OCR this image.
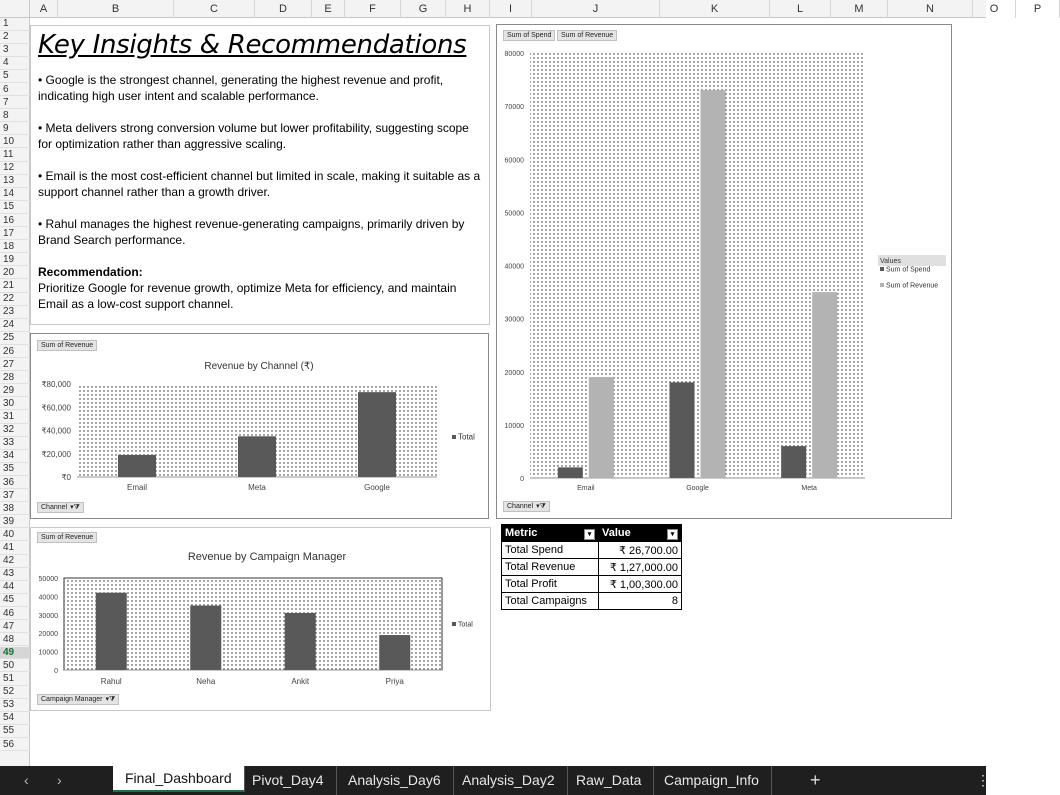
A	B	C	D	E	F	G	H	I	J	K	L	M	N	O	P
1
2
3
4
5
6
7
8
9
10
11
12
13
14
15
16
17
18
19
20
21
22
23
24
25
26
27
28
29
30
31
32
33
34
35
36
37
38
39
40
41
42
43
44
45
46
47
48
49
50
51
52
53
54
55
56
Key Insights & Recommendations

• Google is the strongest channel, generating the highest revenue and profit, indicating high user intent and scalable performance.

• Meta delivers strong conversion volume but lower profitability, suggesting scope for optimization rather than aggressive scaling.

• Email is the most cost-efficient channel but limited in scale, making it suitable as a support channel rather than a growth driver.

• Rahul manages the highest revenue-generating campaigns, primarily driven by Brand Search performance.

Recommendation:

Prioritize Google for revenue growth, optimize Meta for efficiency, and maintain Email as a low-cost support channel.

Sum of Revenue
Revenue by Channel (₹)
₹0
₹20,000
₹40,000
₹60,000
₹80,000
Email	Meta	Google
Total
Channel ▾⧩
Sum of Revenue
Revenue by Campaign Manager
0
10000
20000
30000
40000
50000
Rahul	Neha	Ankit	Priya
Total
Campaign Manager ▾⧩
Sum of Spend	Sum of Revenue
0
10000
20000
30000
40000
50000
60000
70000
80000
Email	Google	Meta
Values
Sum of Spend
Sum of Revenue
Channel ▾⧩
Metric ▾	Value ▾

Total Spend	₹ 26,700.00
Total Revenue	₹ 1,27,000.00
Total Profit	₹ 1,00,300.00
Total Campaigns	8
‹ ›	Final_Dashboard	Pivot_Day4	Analysis_Day6	Analysis_Day2	Raw_Data	Campaign_Info	+	⋮
